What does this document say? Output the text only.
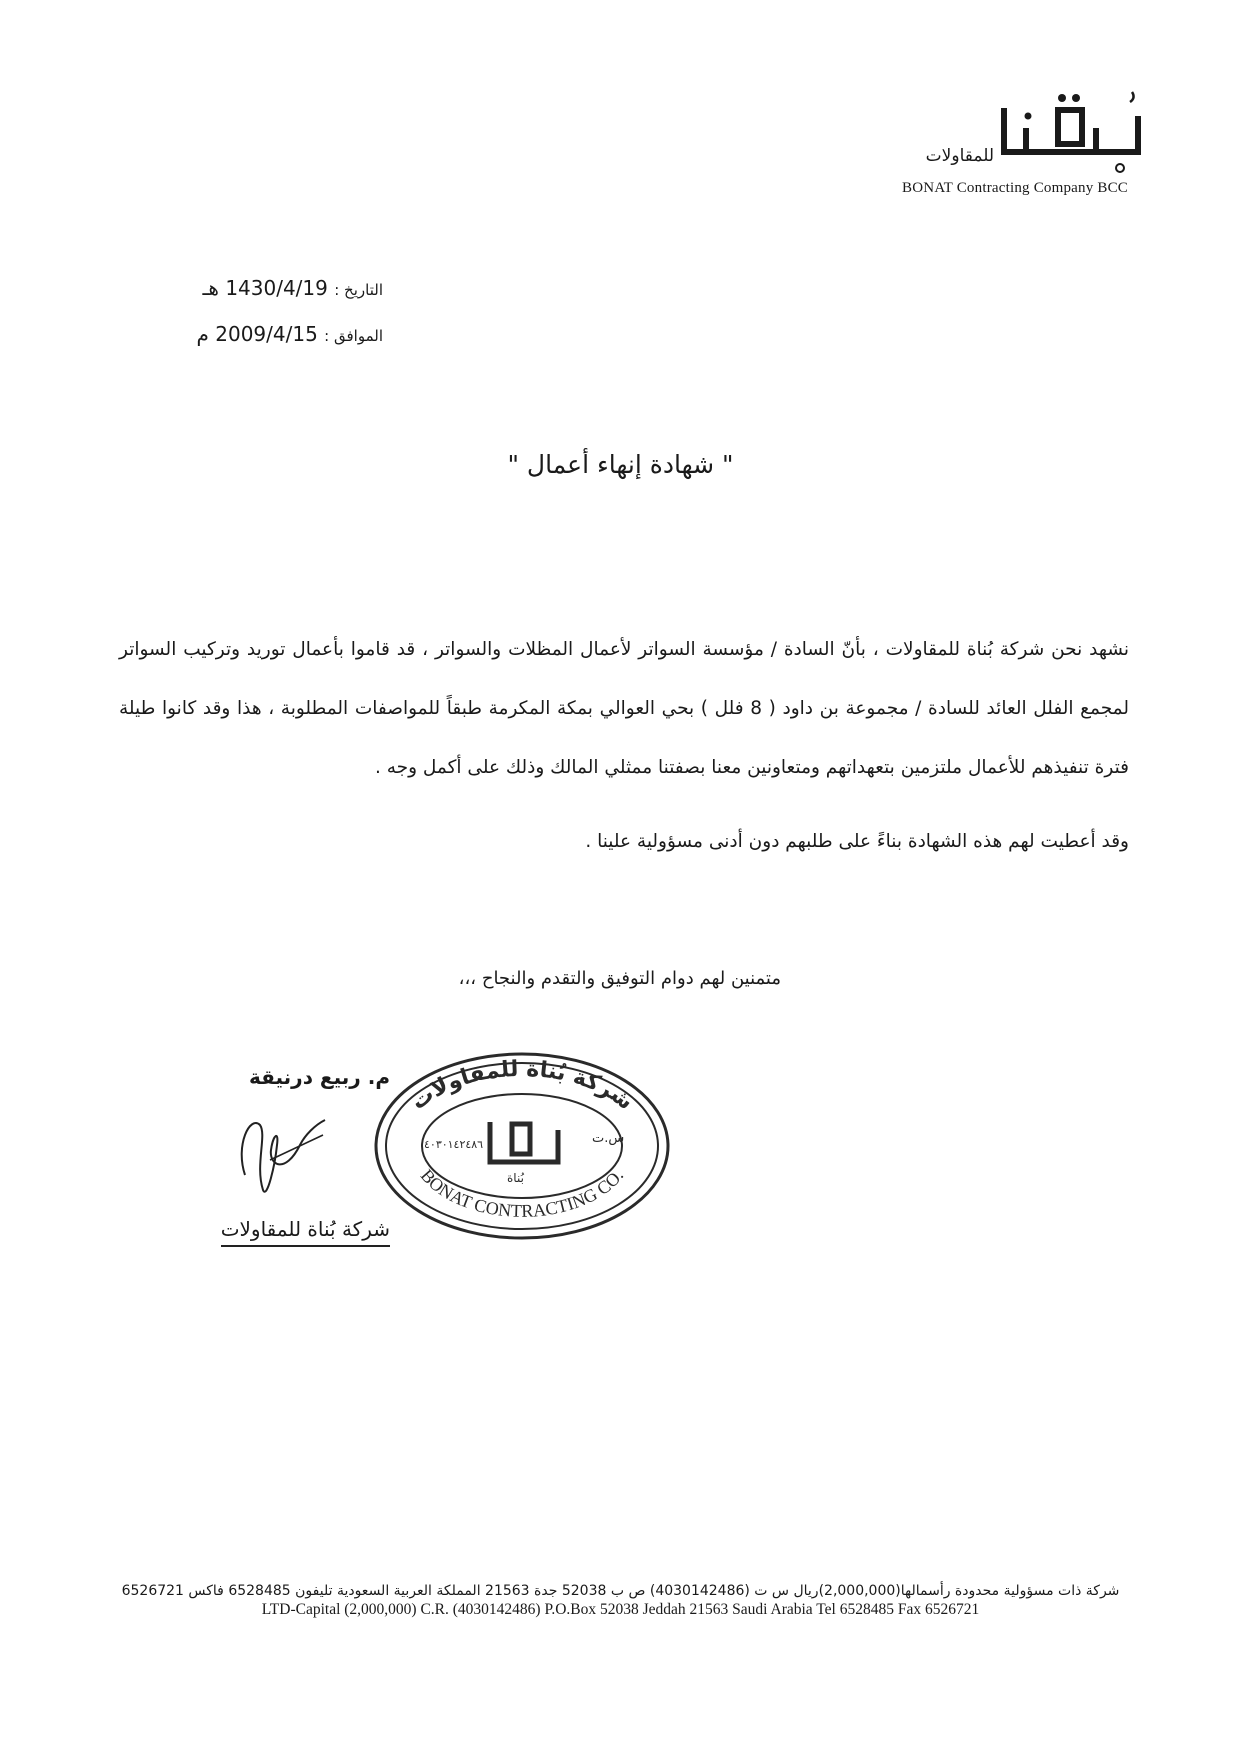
للمقاولات
BONAT Contracting Company BCC
التاريخ : 1430/4/19 هـ
الموافق : 2009/4/15 م
" شهادة إنهاء أعمال "

نشهد نحن شركة بُناة للمقاولات ، بأنّ السادة / مؤسسة السواتر لأعمال المظلات والسواتر ، قد قاموا بأعمال توريد وتركيب السواتر لمجمع الفلل العائد للسادة / مجموعة بن داود ( 8 فلل ) بحي العوالي بمكة المكرمة طبقاً للمواصفات المطلوبة ، هذا وقد كانوا طيلة فترة تنفيذهم للأعمال ملتزمين بتعهداتهم ومتعاونين معنا بصفتنا ممثلي المالك وذلك على أكمل وجه .

وقد أعطيت لهم هذه الشهادة بناءً على طلبهم دون أدنى مسؤولية علينا .

متمنين لهم دوام التوفيق والتقدم والنجاح ،،،
م. ربيع درنيقة
شركة بُناة للمقاولات
شركة بُناة للمقاولات
BONAT CONTRACTING CO.
٤٠٣٠١٤٢٤٨٦	س.ت
بُناة
شركة ذات مسؤولية محدودة رأسمالها(2,000,000)ريال س ت (4030142486) ص ب 52038 جدة 21563 المملكة العربية السعودية تليفون 6528485 فاكس 6526721
LTD-Capital (2,000,000) C.R. (4030142486) P.O.Box 52038 Jeddah 21563 Saudi Arabia Tel 6528485 Fax 6526721
